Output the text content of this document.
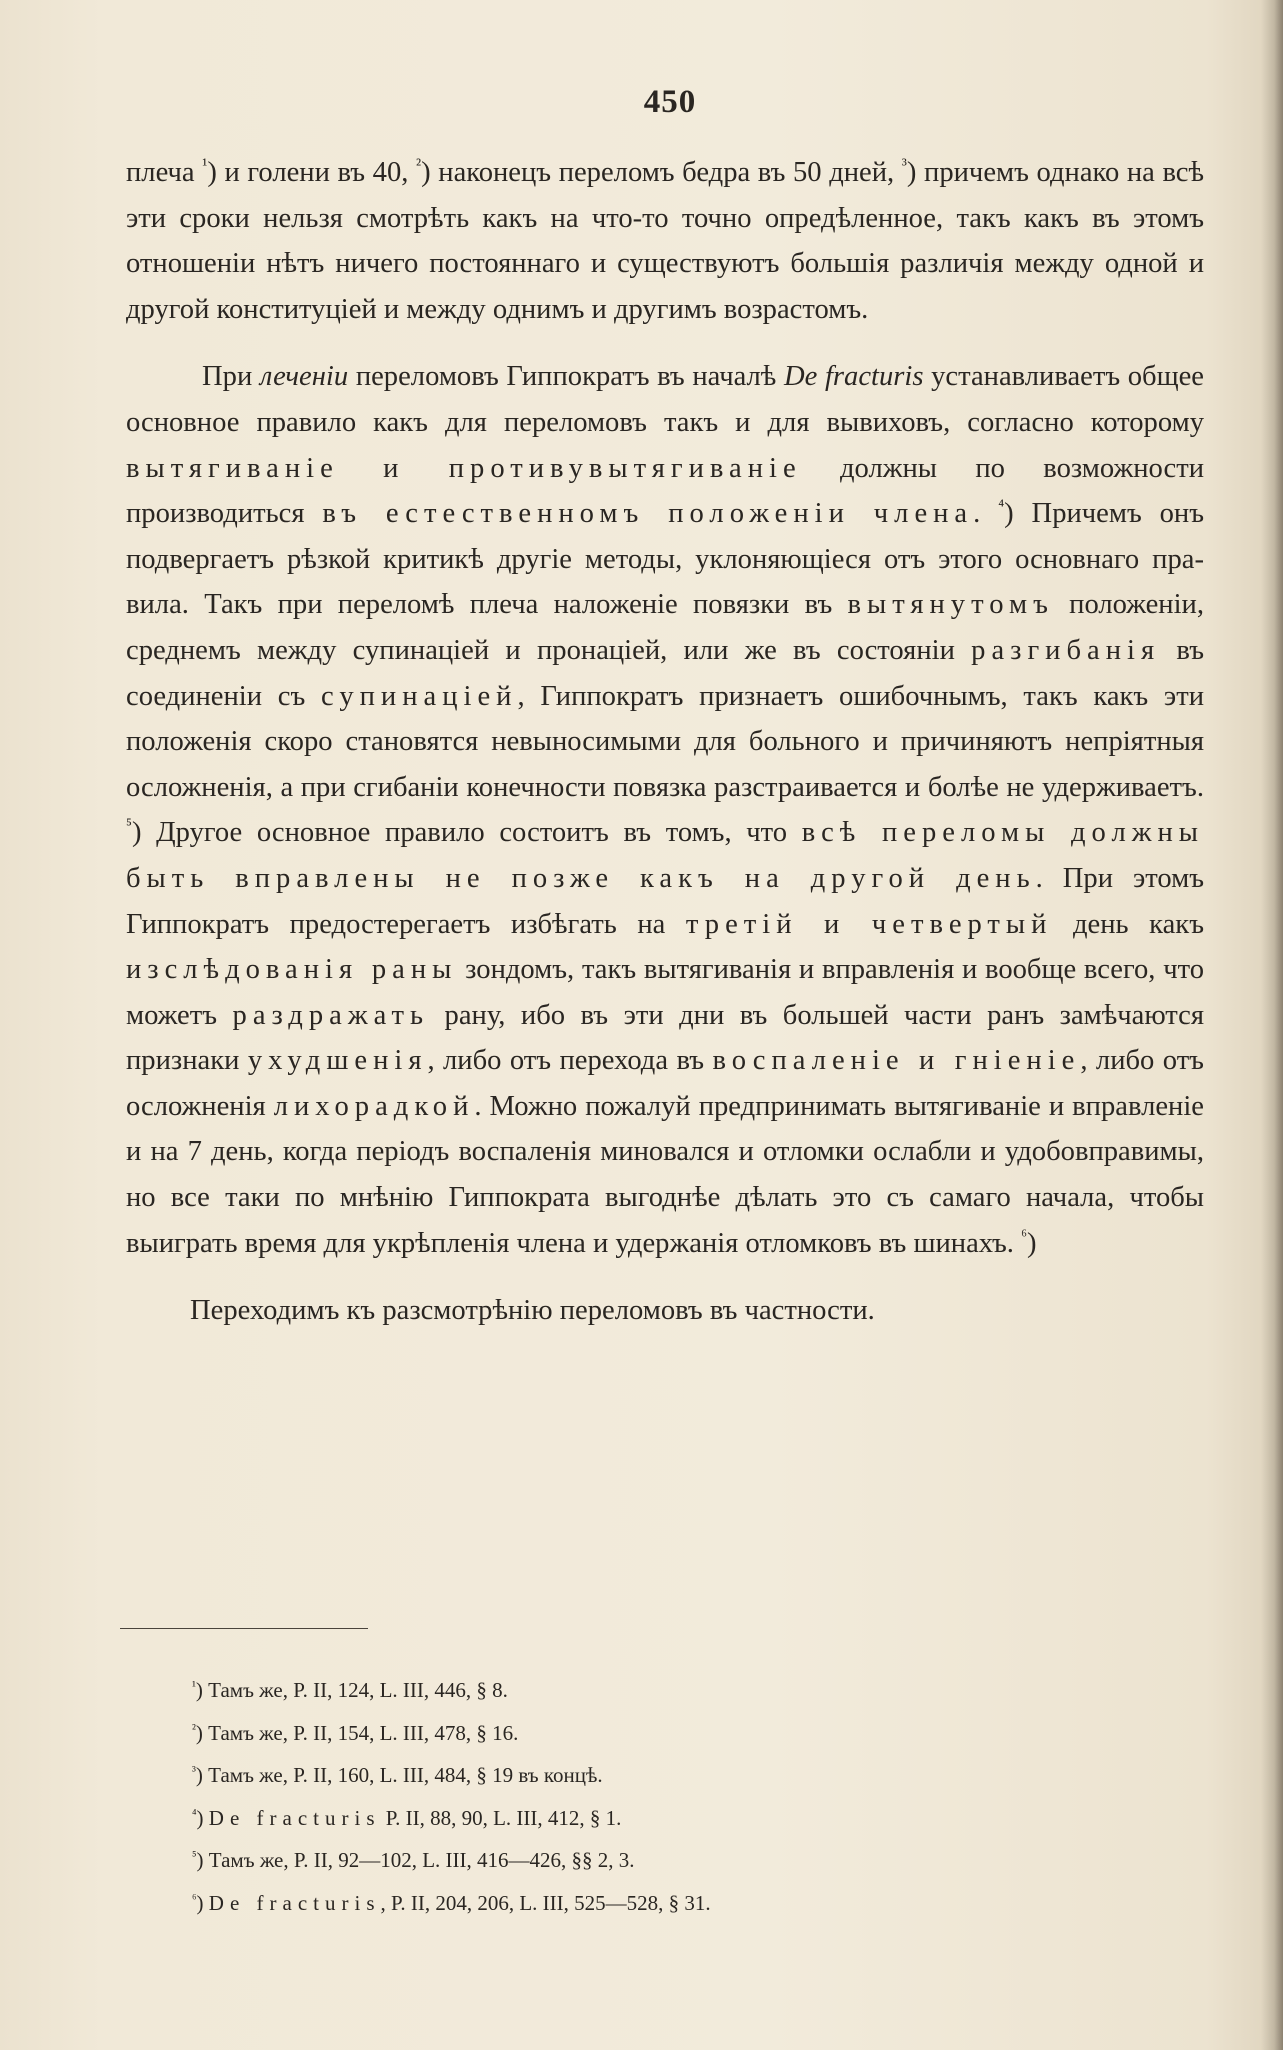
450

плеча $^{^1}$) и голени въ 40, $^{^2}$) наконецъ переломъ бедра въ 50 дней, $^{^3}$) причемъ однако на всѣ эти сроки нельзя смотрѣть какъ на что-то точно опредѣленное, такъ какъ въ этомъ отношеніи нѣтъ ничего постояннаго и существуютъ большія различія между одной и другой конституціей и между однимъ и другимъ возрастомъ.

При леченіи переломовъ Гиппократъ въ началѣ De fracturis устанавливаетъ общее основное правило какъ для переломовъ такъ и для вывиховъ, согласно которому вытягиваніе и противувытягиваніе должны по возможности производиться въ естественномъ положеніи члена. $^{^4}$) Причемъ онъ подвергаетъ рѣзкой критикѣ другіе методы, уклоняющіеся отъ этого основнаго правила. Такъ при переломѣ плеча наложеніе повязки въ вытянутомъ положеніи, среднемъ между супинаціей и пронаціей, или же въ состояніи разгибанія въ соединеніи съ супинаціей, Гиппократъ признаетъ ошибочнымъ, такъ какъ эти положенія скоро становятся невыносимыми для больного и причиняютъ непріятныя осложненія, а при сгибаніи конечности повязка разстраивается и болѣе не удерживаетъ. $^{^5}$) Другое основное правило состоитъ въ томъ, что всѣ переломы должны быть вправлены не позже какъ на другой день. При этомъ Гиппократъ предостерегаетъ избѣгать на третій и четвертый день какъ изслѣдованія раны зондомъ, такъ вытягиванія и вправленія и вообще всего, что можетъ раздражать рану, ибо въ эти дни въ большей части ранъ замѣчаются признаки ухудшенія, либо отъ перехода въ воспаленіе и гніеніе, либо отъ осложненія лихорадкой. Можно пожалуй предпринимать вытягиваніе и вправленіе и на 7 день, когда періодъ воспаленія миновался и отломки ослабли и удобовправимы, но все таки по мнѣнію Гиппократа выгоднѣе дѣлать это съ самаго начала, чтобы выиграть время для укрѣпленія члена и удержанія отломковъ въ шинахъ. $^{^6}$)

Переходимъ къ разсмотрѣнію переломовъ въ частности.

$^{^1}$) Тамъ же, P. II, 124, L. III, 446, § 8.
$^{^2}$) Тамъ же, P. II, 154, L. III, 478, § 16.
$^{^3}$) Тамъ же, P. II, 160, L. III, 484, § 19 въ концѣ.
$^{^4}$) De fracturis P. II, 88, 90, L. III, 412, § 1.
$^{^5}$) Тамъ же, P. II, 92—102, L. III, 416—426, §§ 2, 3.
$^{^6}$) De fracturis, P. II, 204, 206, L. III, 525—528, § 31.
